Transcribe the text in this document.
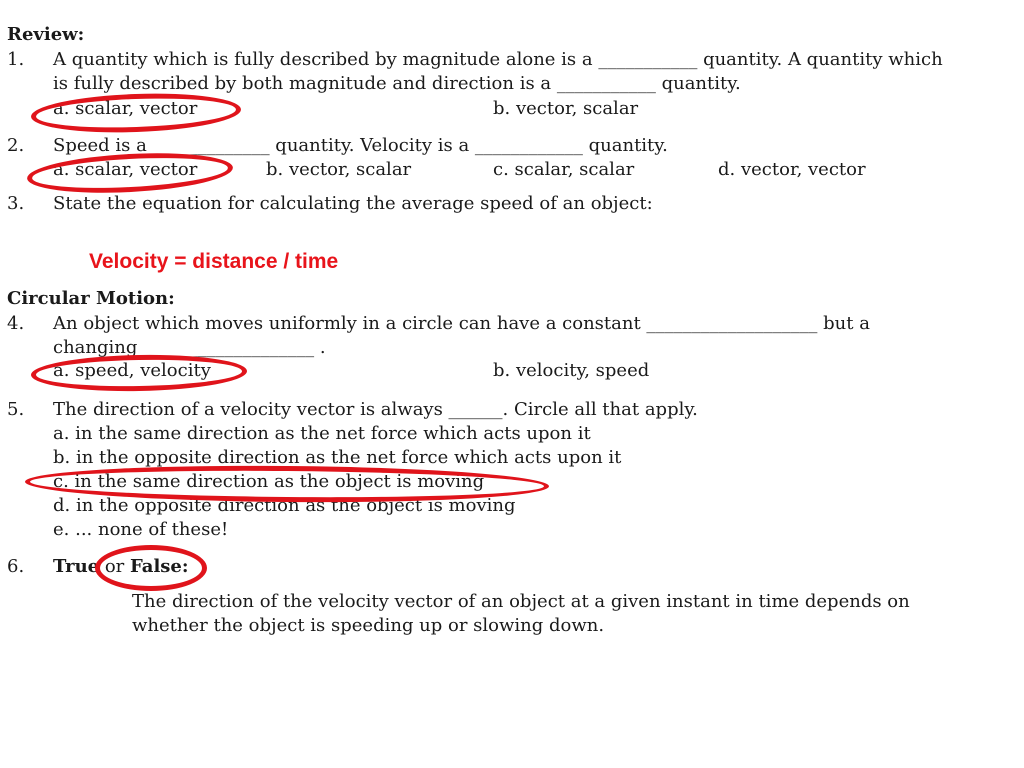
Review:
1. A quantity which is fully described by magnitude alone is a ___________ quantity. A quantity which
is fully described by both magnitude and direction is a ___________ quantity.
a. scalar, vector	b. vector, scalar
2. Speed is a _____________ quantity. Velocity is a ____________ quantity.
a. scalar, vector	b. vector, scalar	c. scalar, scalar	d. vector, vector
3. State the equation for calculating the average speed of an object:
Velocity = distance / time
Circular Motion:
4. An object which moves uniformly in a circle can have a constant ___________________ but a
changing ___________________ .
a. speed, velocity	b. velocity, speed
5. The direction of a velocity vector is always ______. Circle all that apply.
a. in the same direction as the net force which acts upon it
b. in the opposite direction as the net force which acts upon it
c. in the same direction as the object is moving
d. in the opposite direction as the object is moving
e. ... none of these!
6. True or False:
The direction of the velocity vector of an object at a given instant in time depends on
whether the object is speeding up or slowing down.
